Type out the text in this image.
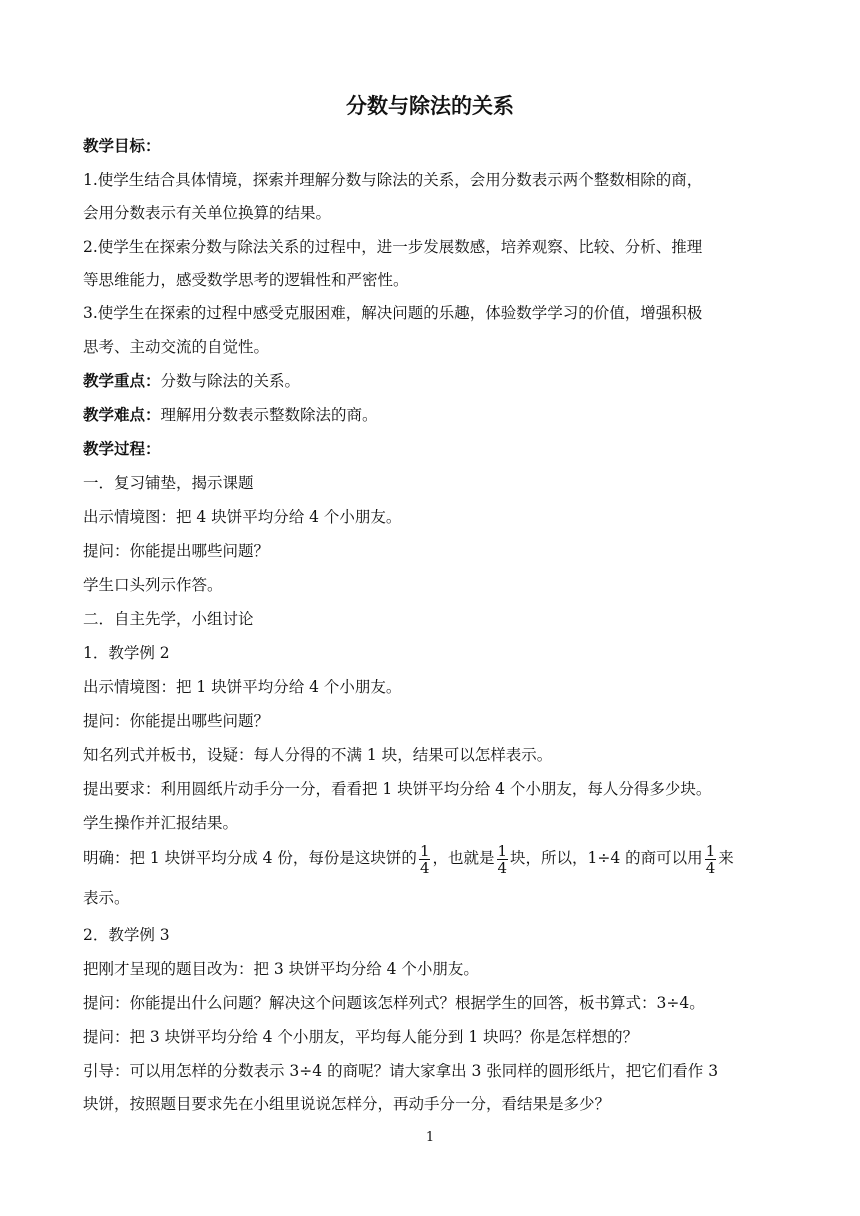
分数与除法的关系
教学目标：
1.使学生结合具体情境，探索并理解分数与除法的关系，会用分数表示两个整数相除的商，
会用分数表示有关单位换算的结果。
2.使学生在探索分数与除法关系的过程中，进一步发展数感，培养观察、比较、分析、推理
等思维能力，感受数学思考的逻辑性和严密性。
3.使学生在探索的过程中感受克服困难，解决问题的乐趣，体验数学学习的价值，增强积极
思考、主动交流的自觉性。
教学重点：分数与除法的关系。
教学难点：理解用分数表示整数除法的商。
教学过程：
一．复习铺垫，揭示课题
出示情境图：把 4 块饼平均分给 4 个小朋友。
提问：你能提出哪些问题？
学生口头列示作答。
二．自主先学，小组讨论
1．教学例 2
出示情境图：把 1 块饼平均分给 4 个小朋友。
提问：你能提出哪些问题？
知名列式并板书，设疑：每人分得的不满 1 块，结果可以怎样表示。
提出要求：利用圆纸片动手分一分，看看把 1 块饼平均分给 4 个小朋友，每人分得多少块。
学生操作并汇报结果。
明确：把 1 块饼平均分成 4 份，每份是这块饼的 $\frac{1}{4}$ ，也就是 $\frac{1}{4}$ 块，所以，1÷4 的商可以用 $\frac{1}{4}$ 来
表示。
2．教学例 3
把刚才呈现的题目改为：把 3 块饼平均分给 4 个小朋友。
提问：你能提出什么问题？解决这个问题该怎样列式？根据学生的回答，板书算式：3÷4。
提问：把 3 块饼平均分给 4 个小朋友，平均每人能分到 1 块吗？你是怎样想的？
引导：可以用怎样的分数表示 3÷4 的商呢？请大家拿出 3 张同样的圆形纸片，把它们看作 3
块饼，按照题目要求先在小组里说说怎样分，再动手分一分，看结果是多少？
1
